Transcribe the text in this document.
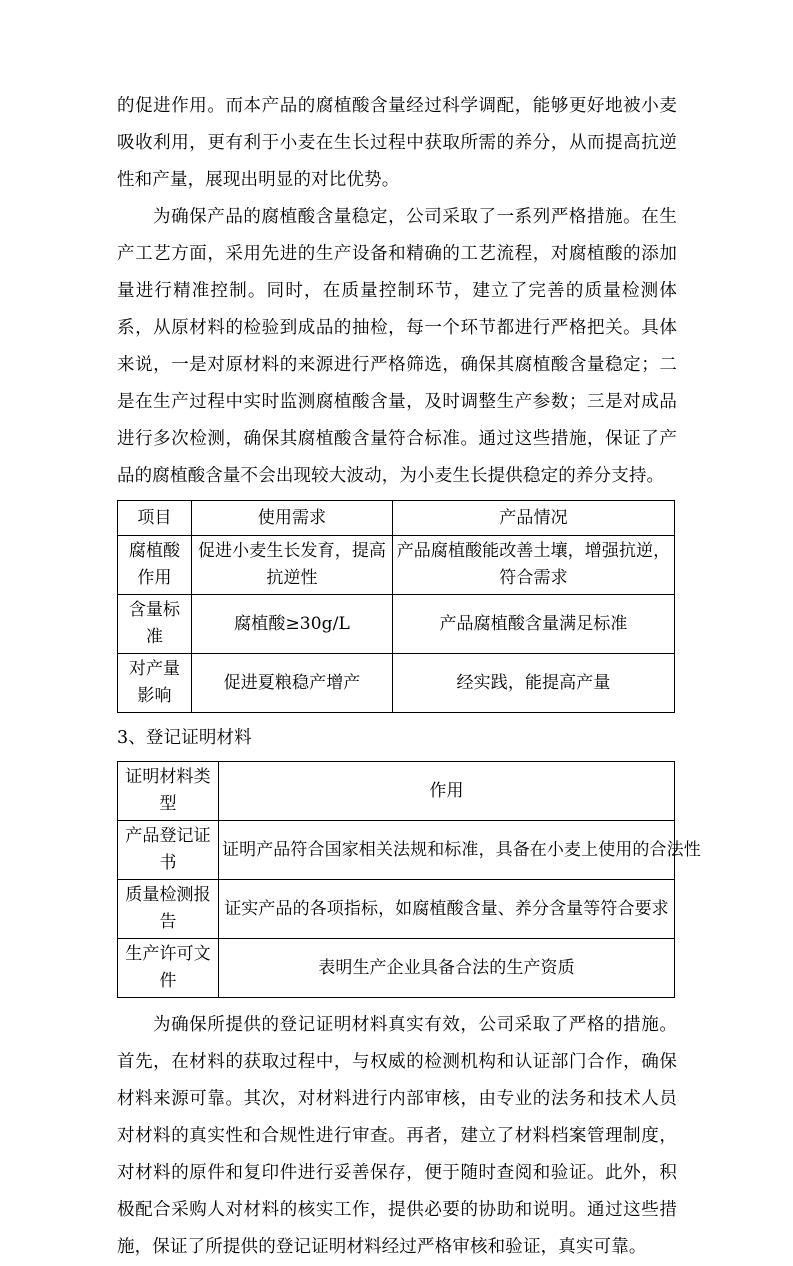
的促进作用。而本产品的腐植酸含量经过科学调配，能够更好地被小麦吸收利用，更有利于小麦在生长过程中获取所需的养分，从而提高抗逆性和产量，展现出明显的对比优势。

为确保产品的腐植酸含量稳定，公司采取了一系列严格措施。在生产工艺方面，采用先进的生产设备和精确的工艺流程，对腐植酸的添加量进行精准控制。同时，在质量控制环节，建立了完善的质量检测体系，从原材料的检验到成品的抽检，每一个环节都进行严格把关。具体来说，一是对原材料的来源进行严格筛选，确保其腐植酸含量稳定；二是在生产过程中实时监测腐植酸含量，及时调整生产参数；三是对成品进行多次检测，确保其腐植酸含量符合标准。通过这些措施，保证了产品的腐植酸含量不会出现较大波动，为小麦生长提供稳定的养分支持。

项目	使用需求	产品情况
腐植酸作用	促进小麦生长发育，提高抗逆性	产品腐植酸能改善土壤，增强抗逆，符合需求
含量标准	腐植酸≥30g/L	产品腐植酸含量满足标准
对产量影响	促进夏粮稳产增产	经实践，能提高产量

3、登记证明材料

证明材料类型	作用
产品登记证书	证明产品符合国家相关法规和标准，具备在小麦上使用的合法性
质量检测报告	证实产品的各项指标，如腐植酸含量、养分含量等符合要求
生产许可文件	表明生产企业具备合法的生产资质

为确保所提供的登记证明材料真实有效，公司采取了严格的措施。首先，在材料的获取过程中，与权威的检测机构和认证部门合作，确保材料来源可靠。其次，对材料进行内部审核，由专业的法务和技术人员对材料的真实性和合规性进行审查。再者，建立了材料档案管理制度，对材料的原件和复印件进行妥善保存，便于随时查阅和验证。此外，积极配合采购人对材料的核实工作，提供必要的协助和说明。通过这些措施，保证了所提供的登记证明材料经过严格审核和验证，真实可靠。
